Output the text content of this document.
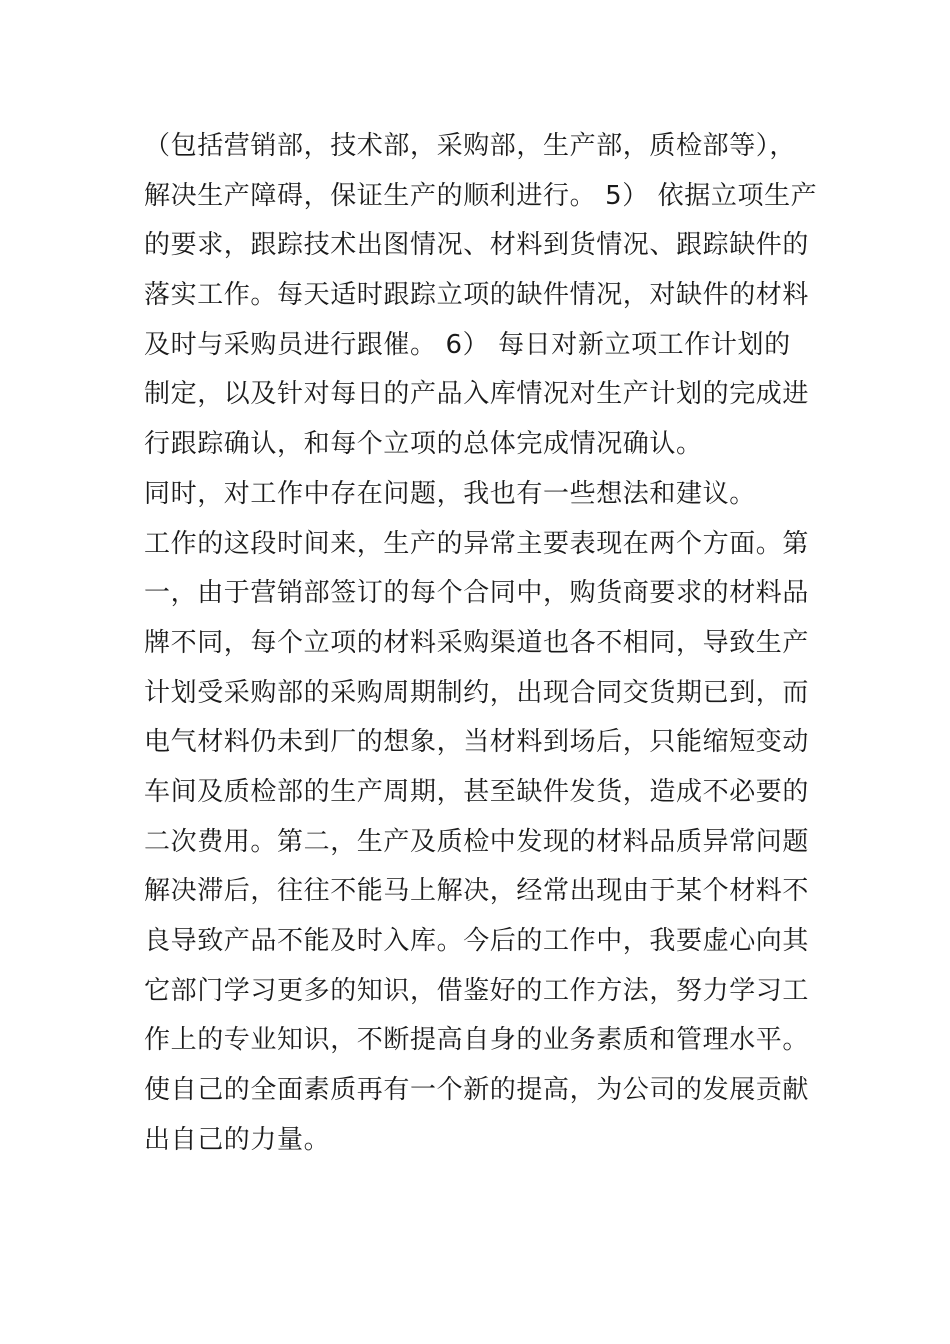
（包括营销部，技术部，采购部，生产部，质检部等），
解决生产障碍，保证生产的顺利进行。 5） 依据立项生产
的要求，跟踪技术出图情况、材料到货情况、跟踪缺件的
落实工作。每天适时跟踪立项的缺件情况，对缺件的材料
及时与采购员进行跟催。 6） 每日对新立项工作计划的
制定，以及针对每日的产品入库情况对生产计划的完成进
行跟踪确认，和每个立项的总体完成情况确认。
同时，对工作中存在问题，我也有一些想法和建议。
工作的这段时间来，生产的异常主要表现在两个方面。第
一，由于营销部签订的每个合同中，购货商要求的材料品
牌不同，每个立项的材料采购渠道也各不相同，导致生产
计划受采购部的采购周期制约，出现合同交货期已到，而
电气材料仍未到厂的想象，当材料到场后，只能缩短变动
车间及质检部的生产周期，甚至缺件发货，造成不必要的
二次费用。第二，生产及质检中发现的材料品质异常问题
解决滞后，往往不能马上解决，经常出现由于某个材料不
良导致产品不能及时入库。今后的工作中，我要虚心向其
它部门学习更多的知识，借鉴好的工作方法，努力学习工
作上的专业知识，不断提高自身的业务素质和管理水平。
使自己的全面素质再有一个新的提高，为公司的发展贡献
出自己的力量。
